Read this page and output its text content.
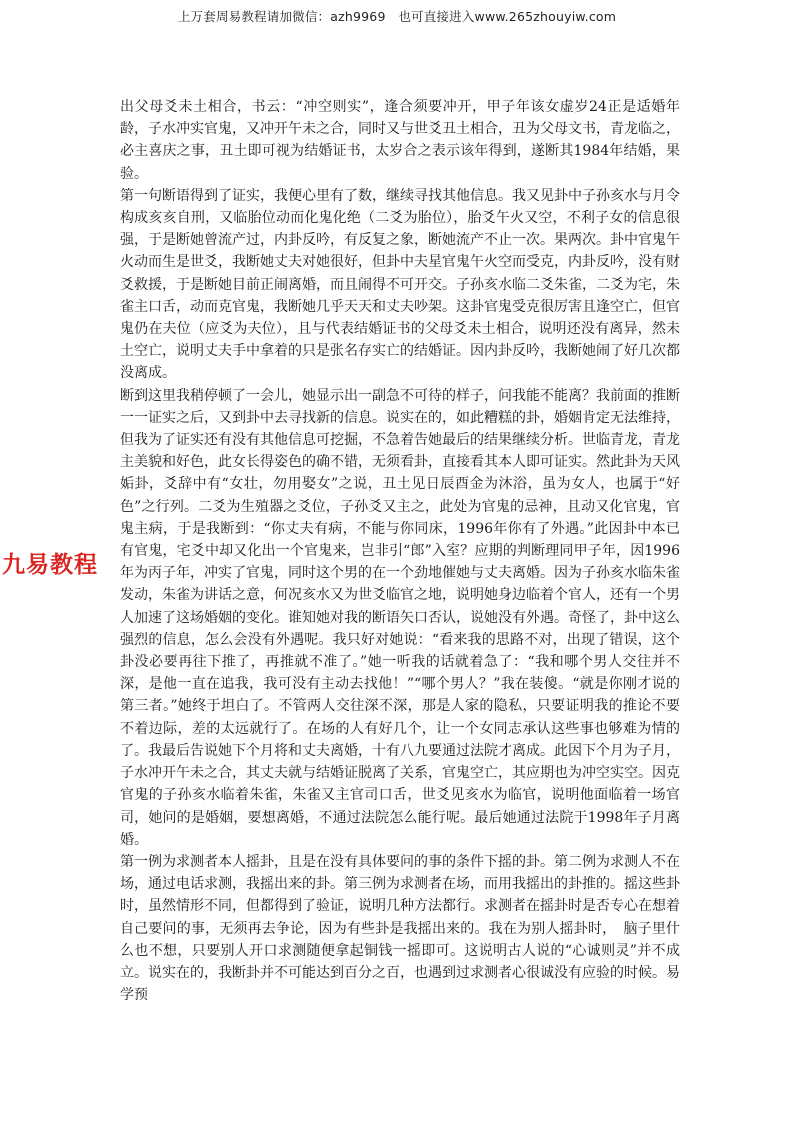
上万套周易教程请加微信：azh9969　也可直接进入www.265zhouyiw.com
九易教程

出父母爻未土相合，书云：“冲空则实”，逢合须要冲开，甲子年该女虚岁24正是适婚年龄，子水冲实官鬼，又冲开午未之合，同时又与世爻丑土相合，丑为父母文书，青龙临之，必主喜庆之事，丑土即可视为结婚证书，太岁合之表示该年得到，遂断其1984年结婚，果验。

第一句断语得到了证实，我便心里有了数，继续寻找其他信息。我又见卦中子孙亥水与月令构成亥亥自刑，又临胎位动而化鬼化绝（二爻为胎位），胎爻午火又空，不利子女的信息很强，于是断她曾流产过，内卦反吟，有反复之象，断她流产不止一次。果两次。卦中官鬼午火动而生是世爻，我断她丈夫对她很好，但卦中夫星官鬼午火空而受克，内卦反吟，没有财爻救援，于是断她目前正闹离婚，而且闹得不可开交。子孙亥水临二爻朱雀，二爻为宅，朱雀主口舌，动而克官鬼，我断她几乎天天和丈夫吵架。这卦官鬼受克很厉害且逢空亡，但官鬼仍在夫位（应爻为夫位），且与代表结婚证书的父母爻未土相合，说明还没有离异，然未土空亡，说明丈夫手中拿着的只是张名存实亡的结婚证。因内卦反吟，我断她闹了好几次都没离成。

断到这里我稍停顿了一会儿，她显示出一副急不可待的样子，问我能不能离？我前面的推断一一证实之后，又到卦中去寻找新的信息。说实在的，如此糟糕的卦，婚姻肯定无法维持，但我为了证实还有没有其他信息可挖掘，不急着告她最后的结果继续分析。世临青龙，青龙主美貌和好色，此女长得姿色的确不错，无须看卦，直接看其本人即可证实。然此卦为天风姤卦，爻辞中有“女壮，勿用娶女”之说，丑土见日辰酉金为沐浴，虽为女人，也属于“好色”之行列。二爻为生殖器之爻位，子孙爻又主之，此处为官鬼的忌神，且动又化官鬼，官鬼主病，于是我断到：“你丈夫有病，不能与你同床，1996年你有了外遇。”此因卦中本已有官鬼，宅爻中却又化出一个官鬼来，岂非引“郎”入室？应期的判断理同甲子年，因1996年为丙子年，冲实了官鬼，同时这个男的在一个劲地催她与丈夫离婚。因为子孙亥水临朱雀发动，朱雀为讲话之意，何况亥水又为世爻临官之地，说明她身边临着个官人，还有一个男人加速了这场婚姻的变化。谁知她对我的断语矢口否认，说她没有外遇。奇怪了，卦中这么强烈的信息，怎么会没有外遇呢。我只好对她说：“看来我的思路不对，出现了错误，这个卦没必要再往下推了，再推就不准了。”她一听我的话就着急了：“我和哪个男人交往并不深，是他一直在追我，我可没有主动去找他！”“哪个男人？”我在装傻。“就是你刚才说的第三者。”她终于坦白了。不管两人交往深不深，那是人家的隐私，只要证明我的推论不要不着边际，差的太远就行了。在场的人有好几个，让一个女同志承认这些事也够难为情的了。我最后告说她下个月将和丈夫离婚，十有八九要通过法院才离成。此因下个月为子月，子水冲开午未之合，其丈夫就与结婚证脱离了关系，官鬼空亡，其应期也为冲空实空。因克官鬼的子孙亥水临着朱雀，朱雀又主官司口舌，世爻见亥水为临官，说明他面临着一场官司，她问的是婚姻，要想离婚，不通过法院怎么能行呢。最后她通过法院于1998年子月离婚。

第一例为求测者本人摇卦，且是在没有具体要问的事的条件下摇的卦。第二例为求测人不在场，通过电话求测，我摇出来的卦。第三例为求测者在场，而用我摇出的卦推的。摇这些卦时，虽然情形不同，但都得到了验证，说明几种方法都行。求测者在摇卦时是否专心在想着自己要问的事，无须再去争论，因为有些卦是我摇出来的。我在为别人摇卦时，　脑子里什么也不想，只要别人开口求测随便拿起铜钱一摇即可。这说明古人说的“心诚则灵”并不成立。说实在的，我断卦并不可能达到百分之百，也遇到过求测者心很诚没有应验的时候。易学预
